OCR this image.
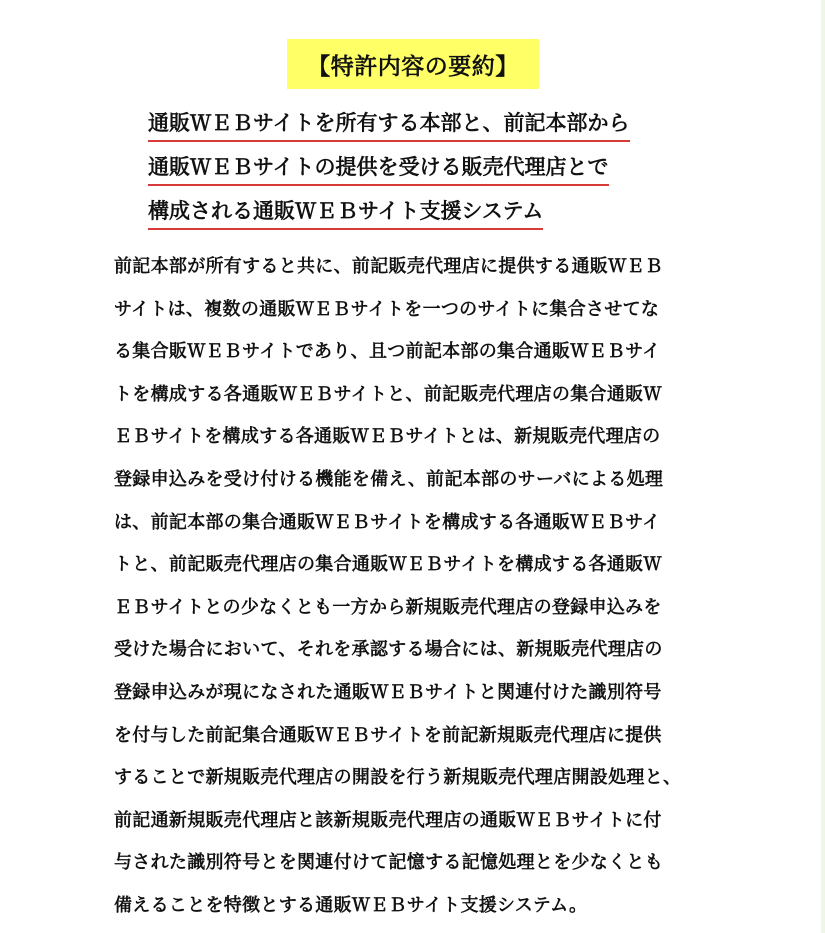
【特許内容の要約】
通販ＷＥＢサイトを所有する本部と、前記本部から
通販ＷＥＢサイトの提供を受ける販売代理店とで
構成される通販ＷＥＢサイト支援システム
前記本部が所有すると共に、前記販売代理店に提供する通販ＷＥＢ
サイトは、複数の通販ＷＥＢサイトを一つのサイトに集合させてな
る集合販ＷＥＢサイトであり、且つ前記本部の集合通販ＷＥＢサイ
トを構成する各通販ＷＥＢサイトと、前記販売代理店の集合通販Ｗ
ＥＢサイトを構成する各通販ＷＥＢサイトとは、新規販売代理店の
登録申込みを受け付ける機能を備え、前記本部のサーバによる処理
は、前記本部の集合通販ＷＥＢサイトを構成する各通販ＷＥＢサイ
トと、前記販売代理店の集合通販ＷＥＢサイトを構成する各通販Ｗ
ＥＢサイトとの少なくとも一方から新規販売代理店の登録申込みを
受けた場合において、それを承認する場合には、新規販売代理店の
登録申込みが現になされた通販ＷＥＢサイトと関連付けた識別符号
を付与した前記集合通販ＷＥＢサイトを前記新規販売代理店に提供
することで新規販売代理店の開設を行う新規販売代理店開設処理と、
前記通新規販売代理店と該新規販売代理店の通販ＷＥＢサイトに付
与された識別符号とを関連付けて記憶する記憶処理とを少なくとも
備えることを特徴とする通販ＷＥＢサイト支援システム。
